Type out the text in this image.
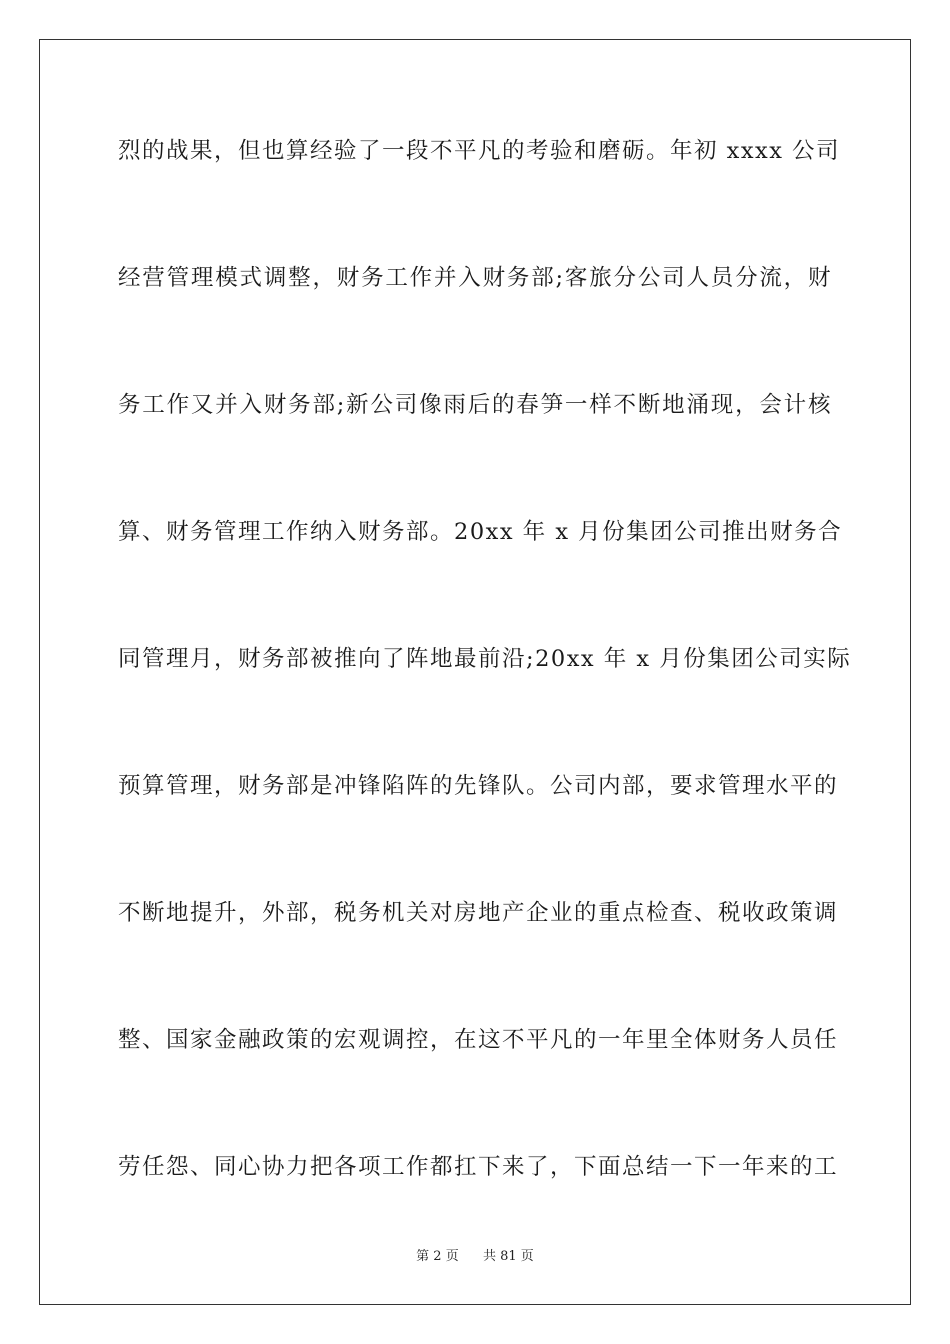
烈的战果，但也算经验了一段不平凡的考验和磨砺。年初 xxxx 公司
经营管理模式调整，财务工作并入财务部;客旅分公司人员分流，财
务工作又并入财务部;新公司像雨后的春笋一样不断地涌现，会计核
算、财务管理工作纳入财务部。20xx 年 x 月份集团公司推出财务合
同管理月，财务部被推向了阵地最前沿;20xx 年 x 月份集团公司实际
预算管理，财务部是冲锋陷阵的先锋队。公司内部，要求管理水平的
不断地提升，外部，税务机关对房地产企业的重点检查、税收政策调
整、国家金融政策的宏观调控，在这不平凡的一年里全体财务人员任
劳任怨、同心协力把各项工作都扛下来了，下面总结一下一年来的工
第 2 页 共 81 页
